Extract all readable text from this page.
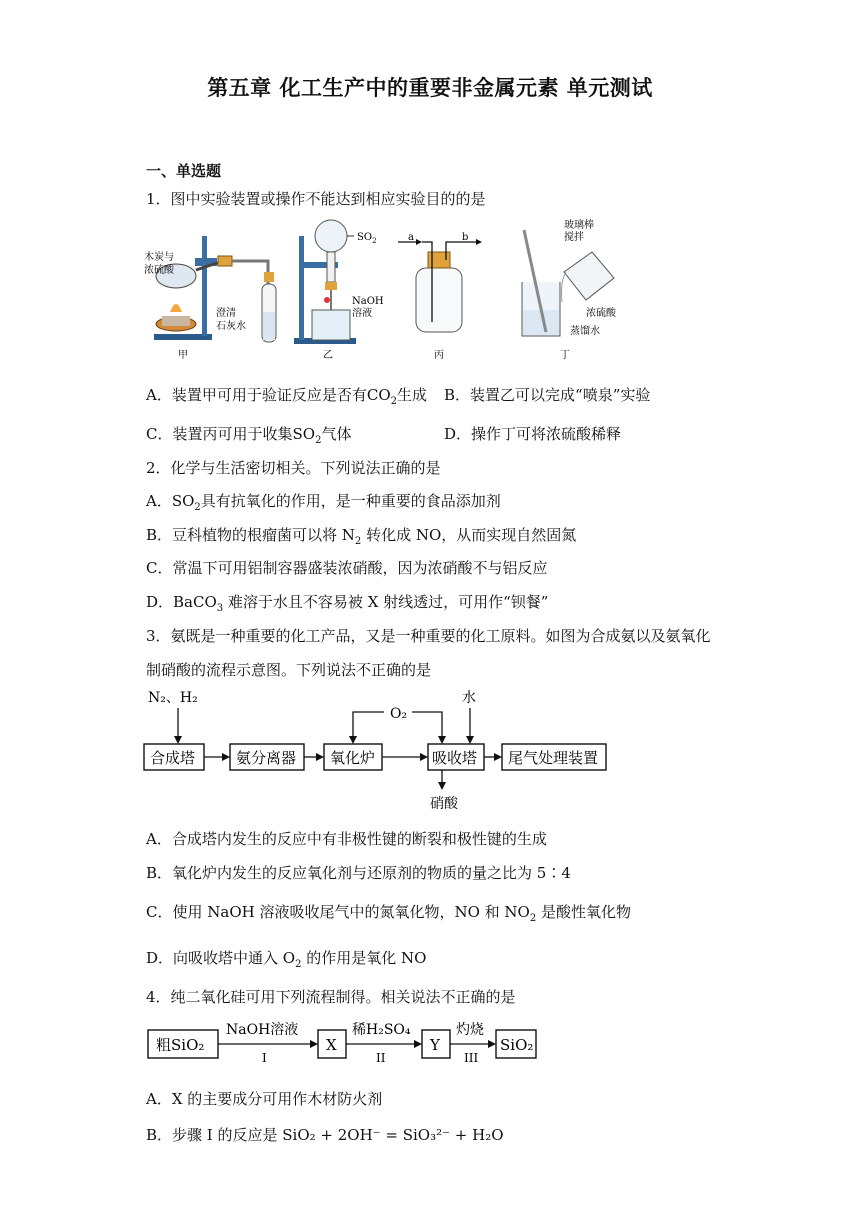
第五章 化工生产中的重要非金属元素 单元测试
一、单选题
1．图中实验装置或操作不能达到相应实验目的的是
木炭与
浓硫酸
澄清
石灰水
甲
$SO_2$
NaOH
溶液
乙
a	b
丙
玻璃棒
搅拌
浓硫酸
蒸馏水
丁
A．装置甲可用于验证反应是否有$CO_2$生成 B．装置乙可以完成“喷泉”实验
C．装置丙可用于收集$SO_2$气体	D．操作丁可将浓硫酸稀释
2．化学与生活密切相关。下列说法正确的是
A．$SO_2$具有抗氧化的作用，是一种重要的食品添加剂
B．豆科植物的根瘤菌可以将 $N_2$ 转化成 NO，从而实现自然固氮
C．常温下可用铝制容器盛装浓硝酸，因为浓硝酸不与铝反应
D．BaCO$_3$ 难溶于水且不容易被 X 射线透过，可用作“钡餐”
3．氨既是一种重要的化工产品，又是一种重要的化工原料。如图为合成氨以及氨氧化
制硝酸的流程示意图。下列说法不正确的是
N₂、H₂
合成塔	氨分离器 氧化炉	吸收塔 尾气处理装置
O₂
水
硝酸
A．合成塔内发生的反应中有非极性键的断裂和极性键的生成
B．氧化炉内发生的反应氧化剂与还原剂的物质的量之比为 5∶4
C．使用 NaOH 溶液吸收尾气中的氮氧化物，NO 和 $NO_2$ 是酸性氧化物
D．向吸收塔中通入 $O_2$ 的作用是氧化 NO
4．纯二氧化硅可用下列流程制得。相关说法不正确的是
粗SiO₂
NaOH溶液
I
X
稀H₂SO₄
II
Y
灼烧
III
SiO₂
A．X 的主要成分可用作木材防火剂
B．步骤 I 的反应是 SiO₂ + 2OH⁻ = SiO₃²⁻ + H₂O
